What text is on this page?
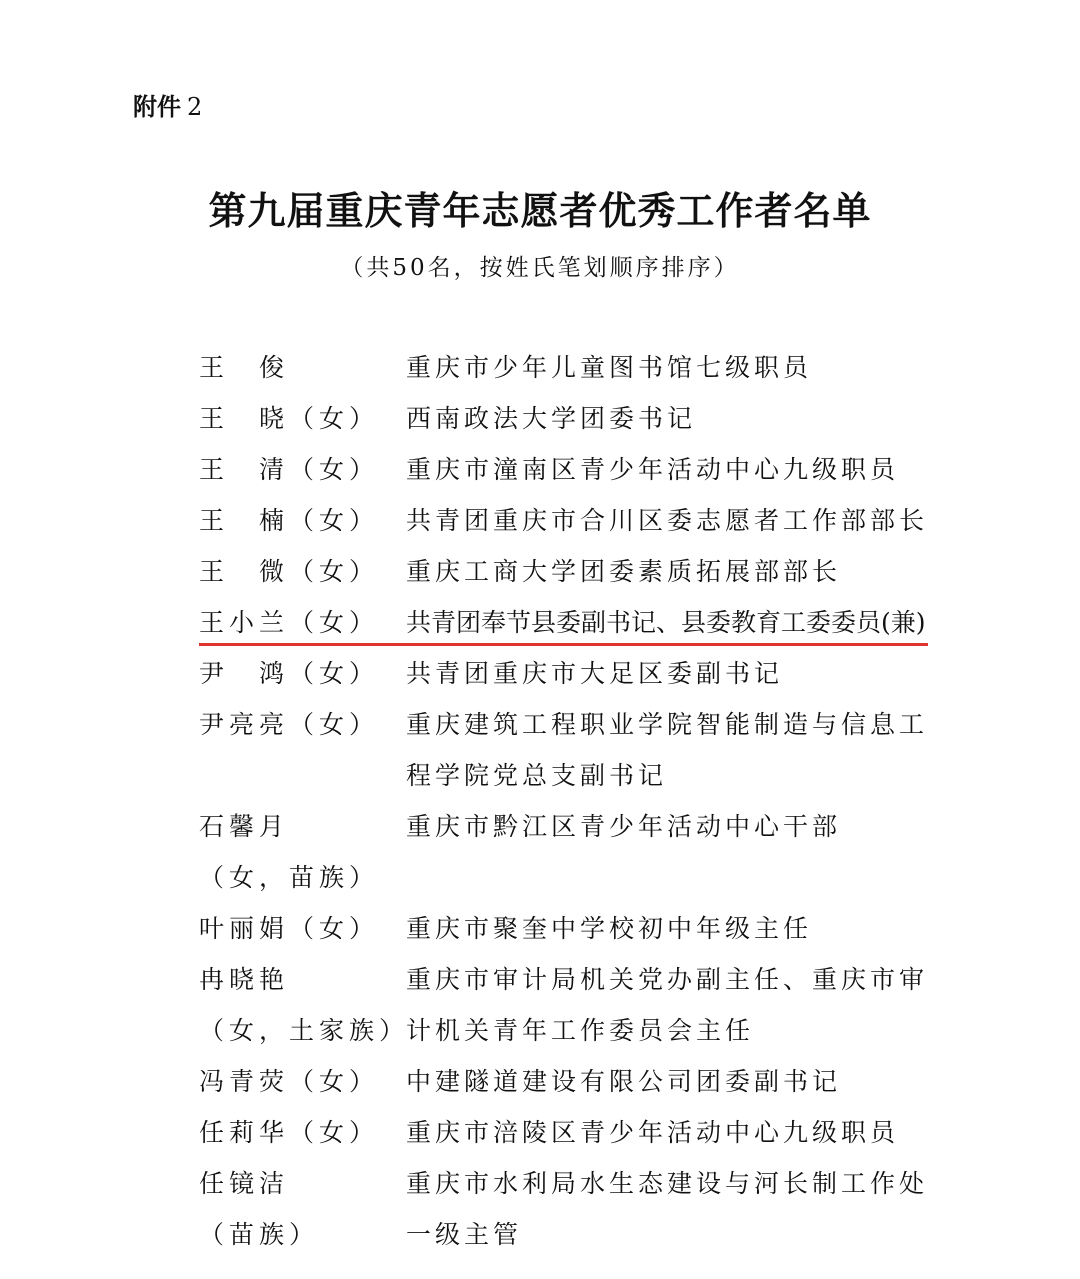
附件 2
第九届重庆青年志愿者优秀工作者名单
（共50名，按姓氏笔划顺序排序）
王　俊	重庆市少年儿童图书馆七级职员
王　晓（女） 西南政法大学团委书记
王　清（女） 重庆市潼南区青少年活动中心九级职员
王　楠（女） 共青团重庆市合川区委志愿者工作部部长
王　微（女） 重庆工商大学团委素质拓展部部长
王小兰（女） 共青团奉节县委副书记、县委教育工委委员(兼)
尹　鸿（女） 共青团重庆市大足区委副书记
尹亮亮（女） 重庆建筑工程职业学院智能制造与信息工
程学院党总支副书记
石馨月	重庆市黔江区青少年活动中心干部
（女，苗族）
叶丽娟（女） 重庆市聚奎中学校初中年级主任
冉晓艳	重庆市审计局机关党办副主任、重庆市审
（女，土家族）
计机关青年工作委员会主任
冯青荧（女） 中建隧道建设有限公司团委副书记
任莉华（女） 重庆市涪陵区青少年活动中心九级职员
任镜洁	重庆市水利局水生态建设与河长制工作处
（苗族）	一级主管
